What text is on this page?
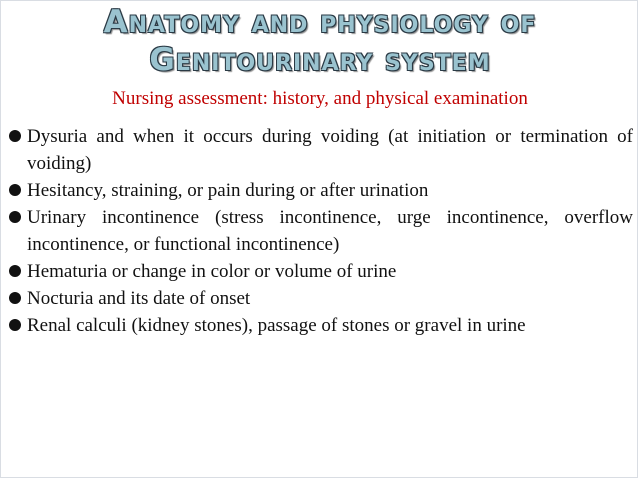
Anatomy and physiology of
Genitourinary system
Nursing assessment: history, and physical examination
Dysuria and when it occurs during voiding (at initiation or termination of voiding)
Hesitancy, straining, or pain during or after urination
Urinary incontinence (stress incontinence, urge incontinence, overflow incontinence, or functional incontinence)
Hematuria or change in color or volume of urine
Nocturia and its date of onset
Renal calculi (kidney stones), passage of stones or gravel in urine
